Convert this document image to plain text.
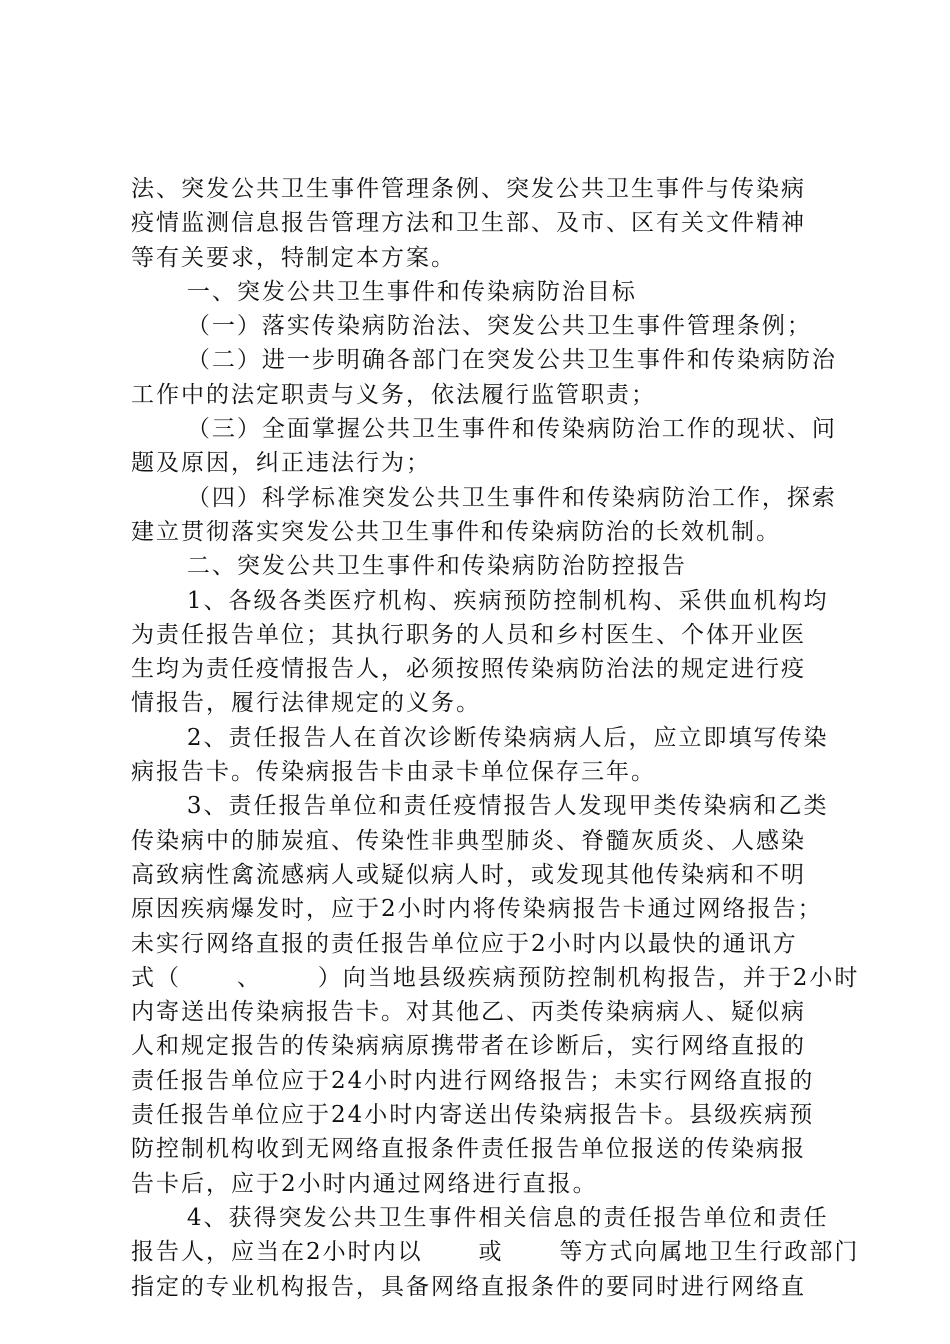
法、突发公共卫生事件管理条例、突发公共卫生事件与传染病
疫情监测信息报告管理方法和卫生部、及市、区有关文件精神
等有关要求，特制定本方案。
一、突发公共卫生事件和传染病防治目标
（一）落实传染病防治法、突发公共卫生事件管理条例；
（二）进一步明确各部门在突发公共卫生事件和传染病防治
工作中的法定职责与义务，依法履行监管职责；
（三）全面掌握公共卫生事件和传染病防治工作的现状、问
题及原因，纠正违法行为；
（四）科学标准突发公共卫生事件和传染病防治工作，探索
建立贯彻落实突发公共卫生事件和传染病防治的长效机制。
二、突发公共卫生事件和传染病防治防控报告
1、各级各类医疗机构、疾病预防控制机构、采供血机构均
为责任报告单位；其执行职务的人员和乡村医生、个体开业医
生均为责任疫情报告人，必须按照传染病防治法的规定进行疫
情报告，履行法律规定的义务。
2、责任报告人在首次诊断传染病病人后，应立即填写传染
病报告卡。传染病报告卡由录卡单位保存三年。
3、责任报告单位和责任疫情报告人发现甲类传染病和乙类
传染病中的肺炭疽、传染性非典型肺炎、脊髓灰质炎、人感染
高致病性禽流感病人或疑似病人时，或发现其他传染病和不明
原因疾病爆发时，应于2小时内将传染病报告卡通过网络报告；
未实行网络直报的责任报告单位应于2小时内以最快的通讯方
式（      、      ）向当地县级疾病预防控制机构报告，并于2小时
内寄送出传染病报告卡。对其他乙、丙类传染病病人、疑似病
人和规定报告的传染病病原携带者在诊断后，实行网络直报的
责任报告单位应于24小时内进行网络报告；未实行网络直报的
责任报告单位应于24小时内寄送出传染病报告卡。县级疾病预
防控制机构收到无网络直报条件责任报告单位报送的传染病报
告卡后，应于2小时内通过网络进行直报。
4、获得突发公共卫生事件相关信息的责任报告单位和责任
报告人，应当在2小时内以      或      等方式向属地卫生行政部门
指定的专业机构报告，具备网络直报条件的要同时进行网络直
